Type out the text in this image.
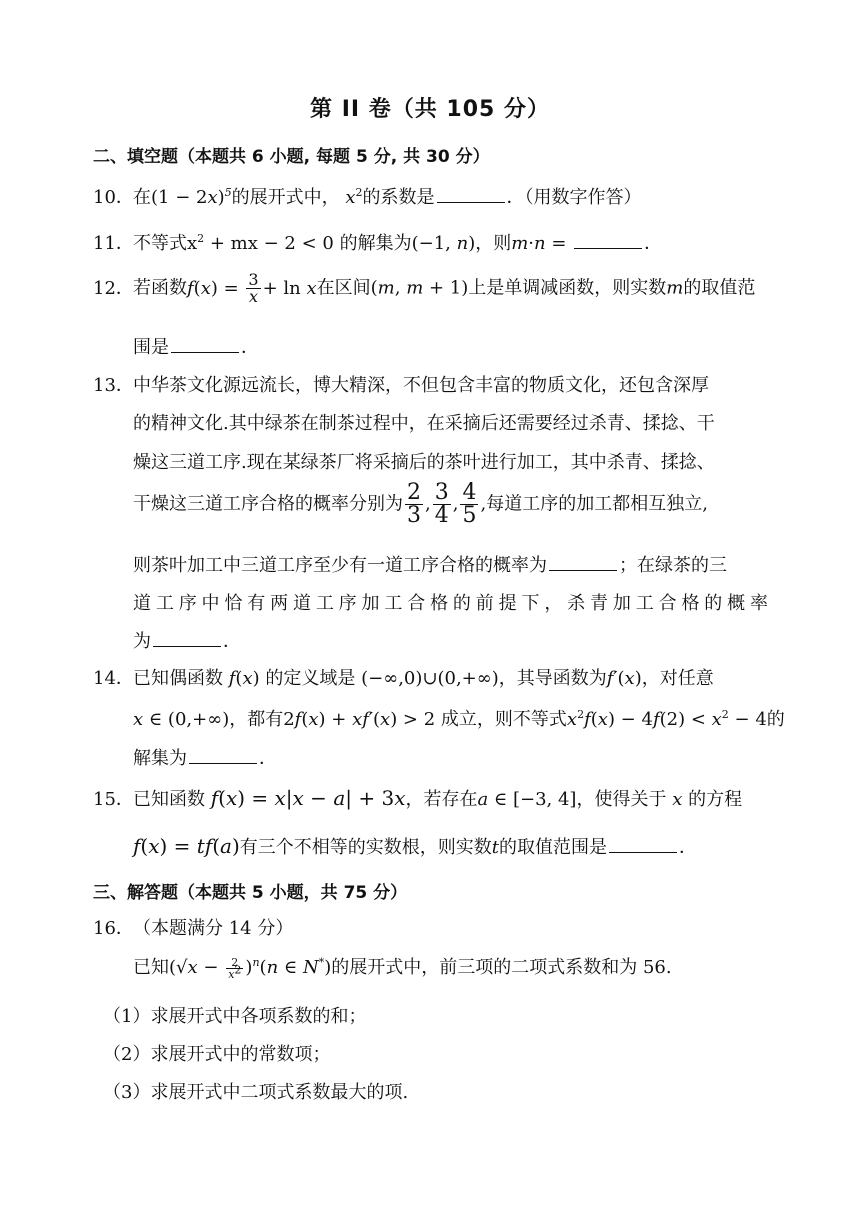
第 II 卷（共 105 分）
二、填空题（本题共 6 小题, 每题 5 分, 共 30 分）
10．在$(1 - 2x)^5$的展开式中， $x^2$的系数是	．（用数字作答）
11．不等式$x^2$ + mx − 2 < 0 的解集为(−1, n)，则m·n =	．
12．若函数$f(x) = \frac{3}{x} + \ln x$在区间(m, m + 1)上是单调减函数，则实数m的取值范
围是	．
13．中华茶文化源远流长，博大精深，不但包含丰富的物质文化，还包含深厚
的精神文化.其中绿茶在制茶过程中，在采摘后还需要经过杀青、揉捻、干
燥这三道工序.现在某绿茶厂将采摘后的茶叶进行加工，其中杀青、揉捻、
干燥这三道工序合格的概率分别为 $\frac{2}{3}$ , $\frac{3}{4}$ , $\frac{4}{5}$ ,每道工序的加工都相互独立,
则茶叶加工中三道工序至少有一道工序合格的概率为	；在绿茶的三
道工序中恰有两道工序加工合格的前提下，杀青加工合格的概率
为	．
14．已知偶函数 f(x) 的定义域是 (−∞,0)∪(0,+∞)，其导函数为f′(x)，对任意
x ∈ (0,+∞)，都有2f(x) + xf′(x) > 2 成立，则不等式$x^2f(x) - 4f(2) < x^2 - 4$的
解集为	．
15．已知函数 f(x) = x|x − a| + 3x，若存在a ∈ [−3, 4]，使得关于 x 的方程
f(x) = tf(a)有三个不相等的实数根，则实数t的取值范围是	．
三、解答题（本题共 5 小题，共 75 分）
16．（本题满分 14 分）
已知$(√x - \frac{2}{x^2} )^n(n$ ∈ N*)的展开式中，前三项的二项式系数和为 56.
（1）求展开式中各项系数的和；
（2）求展开式中的常数项；
（3）求展开式中二项式系数最大的项.
